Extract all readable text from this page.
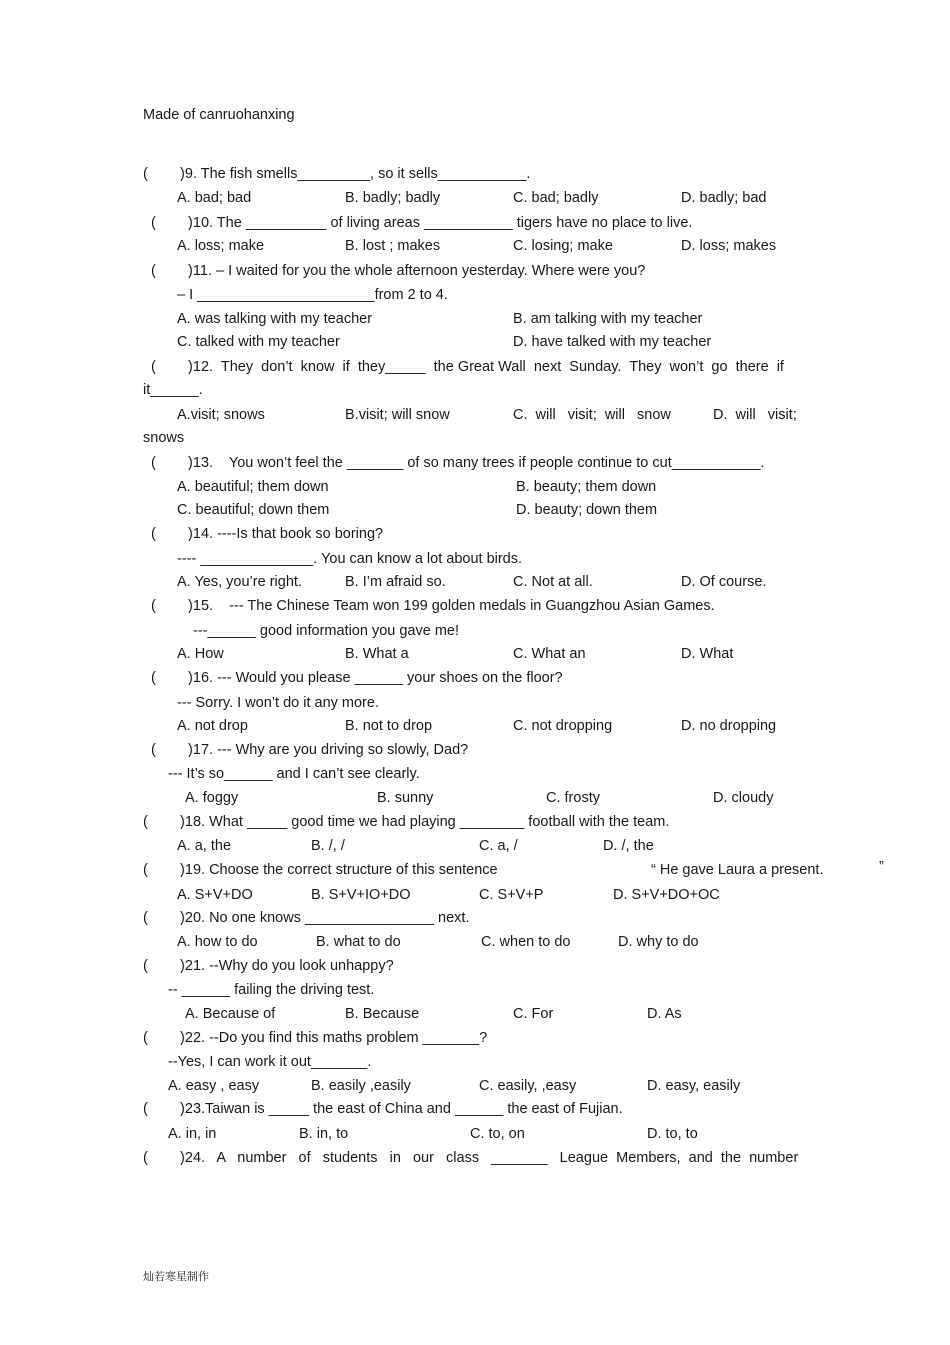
Made of canruohanxing
(        )9. The fish smells_________, so it sells___________.
A. bad; bad	B. badly; badly	C. bad; badly	D. badly; bad
(        )10. The __________ of living areas ___________ tigers have no place to live.
A. loss; make	B. lost ; makes	C. losing; make	D. loss; makes
(        )11. – I waited for you the whole afternoon yesterday. Where were you?
– I ______________________from 2 to 4.
A. was talking with my teacher	B. am talking with my teacher
C. talked with my teacher	D. have talked with my teacher
(        )12.  They  don’t  know  if  they_____  the Great Wall  next  Sunday.  They  won’t  go  there  if
it______.
A.visit; snows	B.visit; will snow	C.  will   visit;  will   snow	D.  will   visit;
snows
(        )13.    You won’t feel the _______ of so many trees if people continue to cut___________.
A. beautiful; them down	B. beauty; them down
C. beautiful; down them	D. beauty; down them
(        )14. ----Is that book so boring?
---- ______________. You can know a lot about birds.
A. Yes, you’re right.	B. I’m afraid so.	C. Not at all.	D. Of course.
(        )15.    --- The Chinese Team won 199 golden medals in Guangzhou Asian Games.
---______ good information you gave me!
A. How	B. What a	C. What an	D. What
(        )16. --- Would you please ______ your shoes on the floor?
--- Sorry. I won’t do it any more.
A. not drop	B. not to drop	C. not dropping	D. no dropping
(        )17. --- Why are you driving so slowly, Dad?
--- It’s so______ and I can’t see clearly.
A. foggy	B. sunny	C. frosty	D. cloudy
(        )18. What _____ good time we had playing ________ football with the team.
A. a, the	B. /, /	C. a, /	D. /, the
(        )19. Choose the correct structure of this sentence	“ He gave Laura a present.	”
A. S+V+DO	B. S+V+IO+DO	C. S+V+P	D. S+V+DO+OC
(        )20. No one knows ________________ next.
A. how to do	B. what to do	C. when to do	D. why to do
(        )21. --Why do you look unhappy?
-- ______ failing the driving test.
A. Because of	B. Because	C. For	D. As
(        )22. --Do you find this maths problem _______?
--Yes, I can work it out_______.
A. easy , easy	B. easily ,easily	C. easily, ,easy	D. easy, easily
(        )23.Taiwan is _____ the east of China and ______ the east of Fujian.
A. in, in	B. in, to	C. to, on	D. to, to
(        )24.   A   number   of   students   in   our   class   _______   League  Members,  and  the  number
灿若寒星制作
